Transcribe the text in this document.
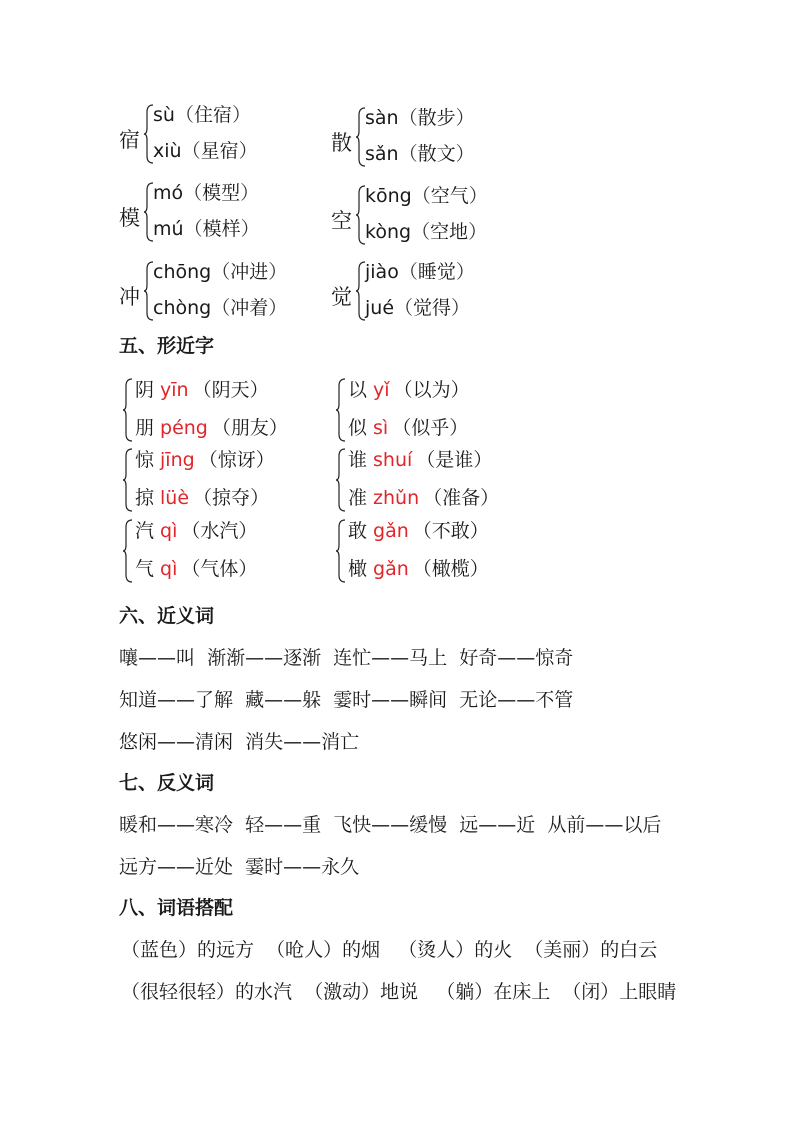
宿
sù（住宿）
xiù（星宿）	散
sàn（散步）
sǎn（散文）
模
mó（模型）
mú（模样）	空
kōng（空气）
kòng（空地）
冲
chōng（冲进）
chòng（冲着） 觉
jiào（睡觉）
jué（觉得）
五、形近字
阴 yīn （阴天）
朋 péng （朋友）
以 yǐ （以为）
似 sì （似乎）
惊 jīng （惊讶）
掠 lüè （掠夺）
谁 shuí （是谁）
准 zhǔn （准备）
汽 qì （水汽）
气 qì （气体）
敢 gǎn （不敢）
橄 gǎn （橄榄）
六、近义词
嚷——叫  渐渐——逐渐  连忙——马上  好奇——惊奇
知道——了解  藏——躲  霎时——瞬间  无论——不管
悠闲——清闲  消失——消亡
七、反义词
暖和——寒冷  轻——重  飞快——缓慢  远——近  从前——以后
远方——近处  霎时——永久
八、词语搭配
（蓝色）的远方  （呛人）的烟   （烫人）的火  （美丽）的白云
（很轻很轻）的水汽  （激动）地说   （躺）在床上  （闭）上眼睛
